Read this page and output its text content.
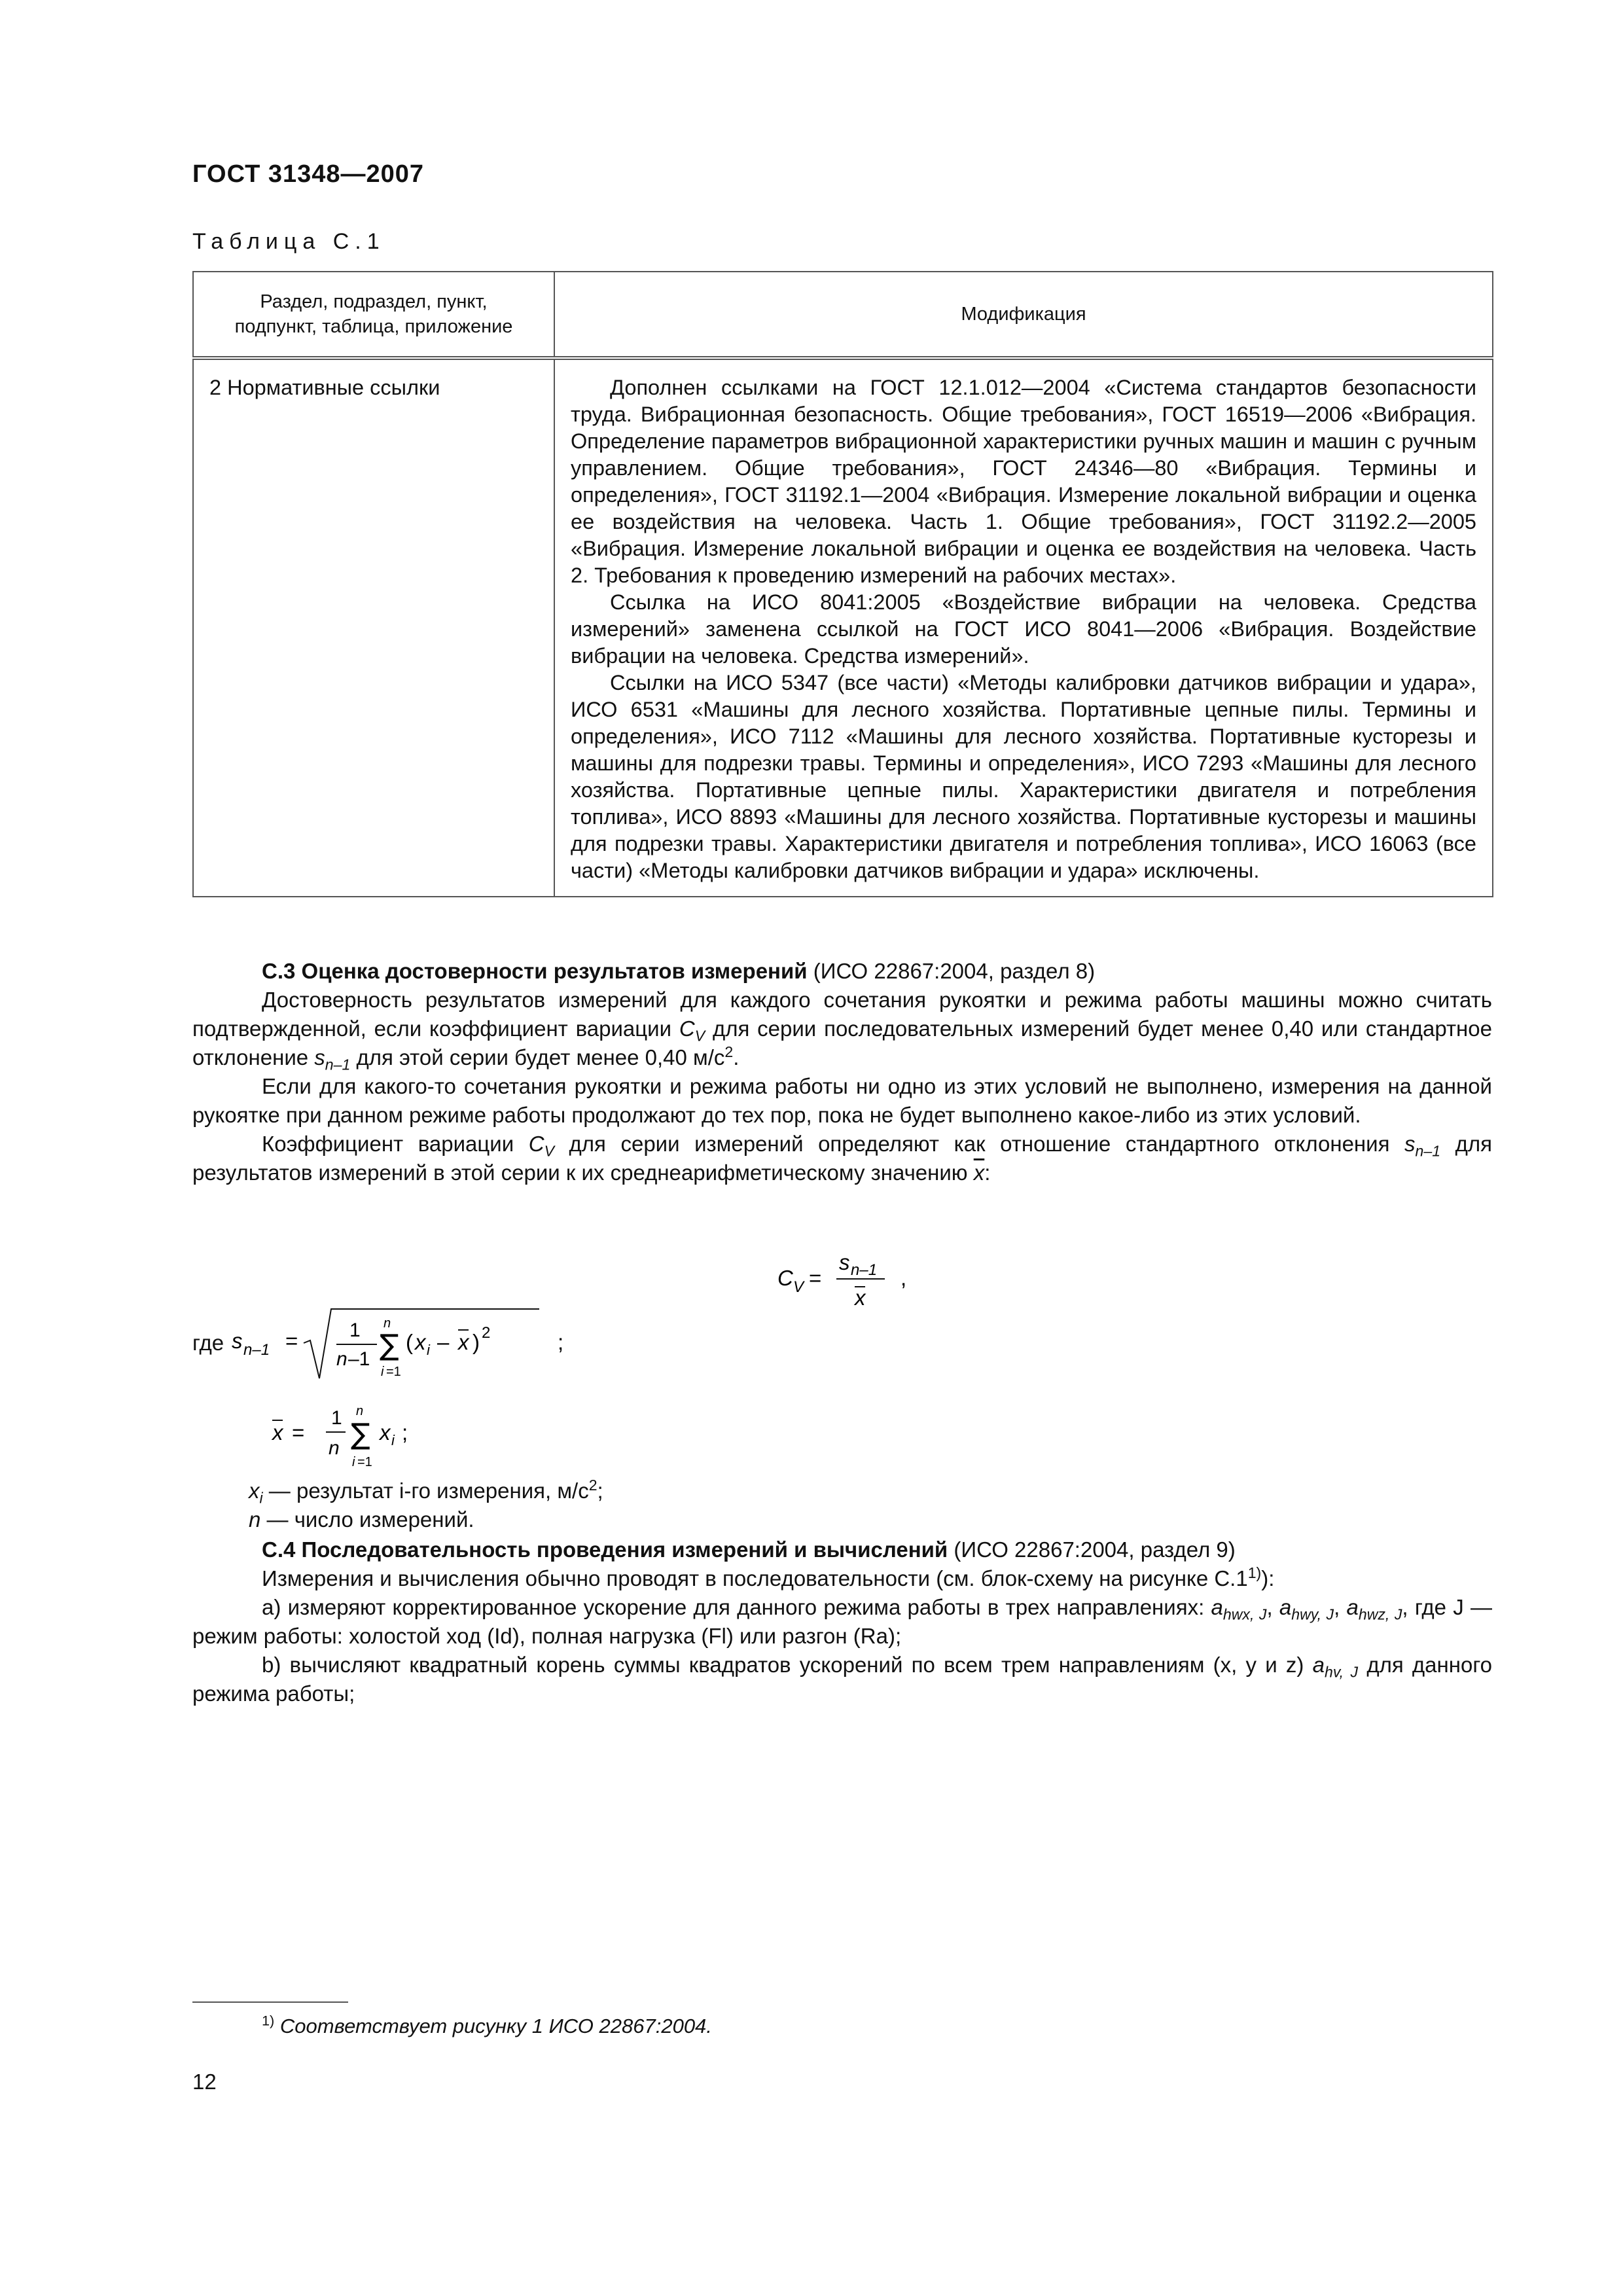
ГОСТ 31348—2007
Таблица С.1
Раздел, подраздел, пункт,
подпункт, таблица, приложение	Модификация
2 Нормативные ссылки	Дополнен ссылками на ГОСТ 12.1.012—2004 «Система стандартов безопасности труда. Вибрационная безопасность. Общие требования», ГОСТ 16519—2006 «Вибрация. Определение параметров вибрационной характеристики ручных машин и машин с ручным управлением. Общие требования», ГОСТ 24346—80 «Вибрация. Термины и определения», ГОСТ 31192.1—2004 «Вибрация. Измерение локальной вибрации и оценка ее воздействия на человека. Часть 1. Общие требования», ГОСТ 31192.2—2005 «Вибрация. Измерение локальной вибрации и оценка ее воздействия на человека. Часть 2. Требования к проведению измерений на рабочих местах».

Ссылка на ИСО 8041:2005 «Воздействие вибрации на человека. Средства измерений» заменена ссылкой на ГОСТ ИСО 8041—2006 «Вибрация. Воздействие вибрации на человека. Средства измерений».

Ссылки на ИСО 5347 (все части) «Методы калибровки датчиков вибрации и удара», ИСО 6531 «Машины для лесного хозяйства. Портативные цепные пилы. Термины и определения», ИСО 7112 «Машины для лесного хозяйства. Портативные кусторезы и машины для подрезки травы. Термины и определения», ИСО 7293 «Машины для лесного хозяйства. Портативные цепные пилы. Характеристики двигателя и потребления топлива», ИСО 8893 «Машины для лесного хозяйства. Портативные кусторезы и машины для подрезки травы. Характеристики двигателя и потребления топлива», ИСО 16063 (все части) «Методы калибровки датчиков вибрации и удара» исключены.

С.3 Оценка достоверности результатов измерений (ИСО 22867:2004, раздел 8)

Достоверность результатов измерений для каждого сочетания рукоятки и режима работы машины можно считать подтвержденной, если коэффициент вариации $C_V$ для серии последовательных измерений будет менее 0,40 или стандартное отклонение $s_{n-1}$ для этой серии будет менее 0,40 $м/с^2$.

Если для какого-то сочетания рукоятки и режима работы ни одно из этих условий не выполнено, измерения на данной рукоятке при данном режиме работы продолжают до тех пор, пока не будет выполнено какое-либо из этих условий.

Коэффициент вариации $C_V$ для серии измерений определяют как отношение стандартного отклонения $s_{n-1}$ для результатов измерений в этой серии к их среднеарифметическому значению $\overline{x}$:

C V =
s n–1
x
,
где s n–1 =	1
n –1
n
∑
i =1
( x i – x ) 2	;
x =
1
n
n
∑
i =1
x i ;

$x_i$ — результат i-го измерения, $м/с^2$;

n — число измерений.

С.4 Последовательность проведения измерений и вычислений (ИСО 22867:2004, раздел 9)

Измерения и вычисления обычно проводят в последовательности (см. блок-схему на рисунке С.1$^{1)}$):

a) измеряют корректированное ускорение для данного режима работы в трех направлениях: $a_{hwx, J}$, $a_{hwy, J}$, $a_{hwz, J}$, где J — режим работы: холостой ход (Id), полная нагрузка (Fl) или разгон (Ra);

b) вычисляют квадратный корень суммы квадратов ускорений по всем трем направлениям (x, y и z) $a_{hv, J}$ для данного режима работы;

$^{1)}$ Соответствует рисунку 1 ИСО 22867:2004.
12
